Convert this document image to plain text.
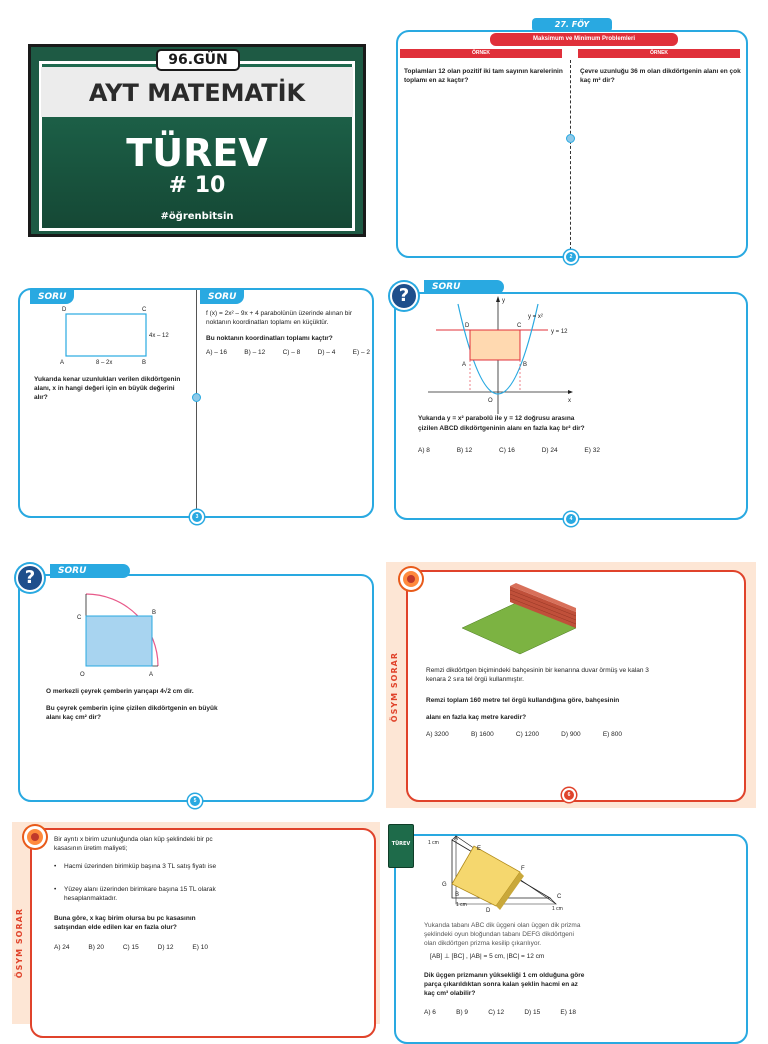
96.GÜN
AYT MATEMATİK
TÜREV
# 10
#öğrenbitsin
27. FÖY
Maksimum ve Minimum Problemleri
ÖRNEK	ÖRNEK
Toplamları 12 olan pozitif iki tam sayının karelerinin toplamı en az kaçtır?
Çevre uzunluğu 36 m olan dikdörtgenin alanı en çok kaç m² dir?
2
SORU	SORU
D	C
A	B
4x – 12
8 – 2x
Yukarıda kenar uzunlukları verilen dikdörtgenin alanı, x in hangi değeri için en büyük değerini alır?
f (x) = 2x² – 9x + 4 parabolünün üzerinde alınan bir noktanın koordinatları toplamı en küçüktür.
Bu noktanın koordinatları toplamı kaçtır?
A) – 16	B) – 12	C) – 8	D) – 4	E) – 2
3
?	SORU
y
x
O
D	C
A	B
y = x²
y = 12
Yukarıda y = x² parabolü ile y = 12 doğrusu arasına
çizilen ABCD dikdörtgeninin alanı en fazla kaç br² dir?
A) 8	B) 12	C) 16	D) 24	E) 32
4
?	SORU
C
B
O	A
O merkezli çeyrek çemberin yarıçapı 4√2 cm dir.
Bu çeyrek çemberin içine çizilen dikdörtgenin en büyük alanı kaç cm² dir?
5
ÖSYM SORAR	Remzi dikdörtgen biçimindeki bahçesinin bir kenarına duvar örmüş ve kalan 3 kenara 2 sıra tel örgü kullanmıştır.
Remzi toplam 160 metre tel örgü kullandığına göre, bahçesinin
alanı en fazla kaç metre karedir?
A) 3200	B) 1600	C) 1200	D) 900	E) 800
6
ÖSYM SORAR
Bir ayrıtı x birim uzunluğunda olan küp şeklindeki bir pc kasasının üretim maliyeti;
• Hacmi üzerinden birimküp başına 3 TL satış fiyatı ise
• Yüzey alanı üzerinden birimkare başına 15 TL olarak hesaplanmaktadır.
Buna göre, x kaç birim olursa bu pc kasasının satışından elde edilen kar en fazla olur?
A) 24	B) 20	C) 15	D) 12	E) 10
TÜREV
A
E
F
G
B	C
D
1 cm
1 cm
1 cm
Yukarıda tabanı ABC dik üçgeni olan üçgen dik prizma şeklindeki oyun bloğundan tabanı DEFG dikdörtgeni olan dikdörtgen prizma kesilip çıkarılıyor.
[AB] ⊥ [BC] , |AB| = 5 cm, |BC| = 12 cm
Dik üçgen prizmanın yüksekliği 1 cm olduğuna göre parça çıkarıldıktan sonra kalan şeklin hacmi en az kaç cm³ olabilir?
A) 6	B) 9	C) 12	D) 15	E) 18
